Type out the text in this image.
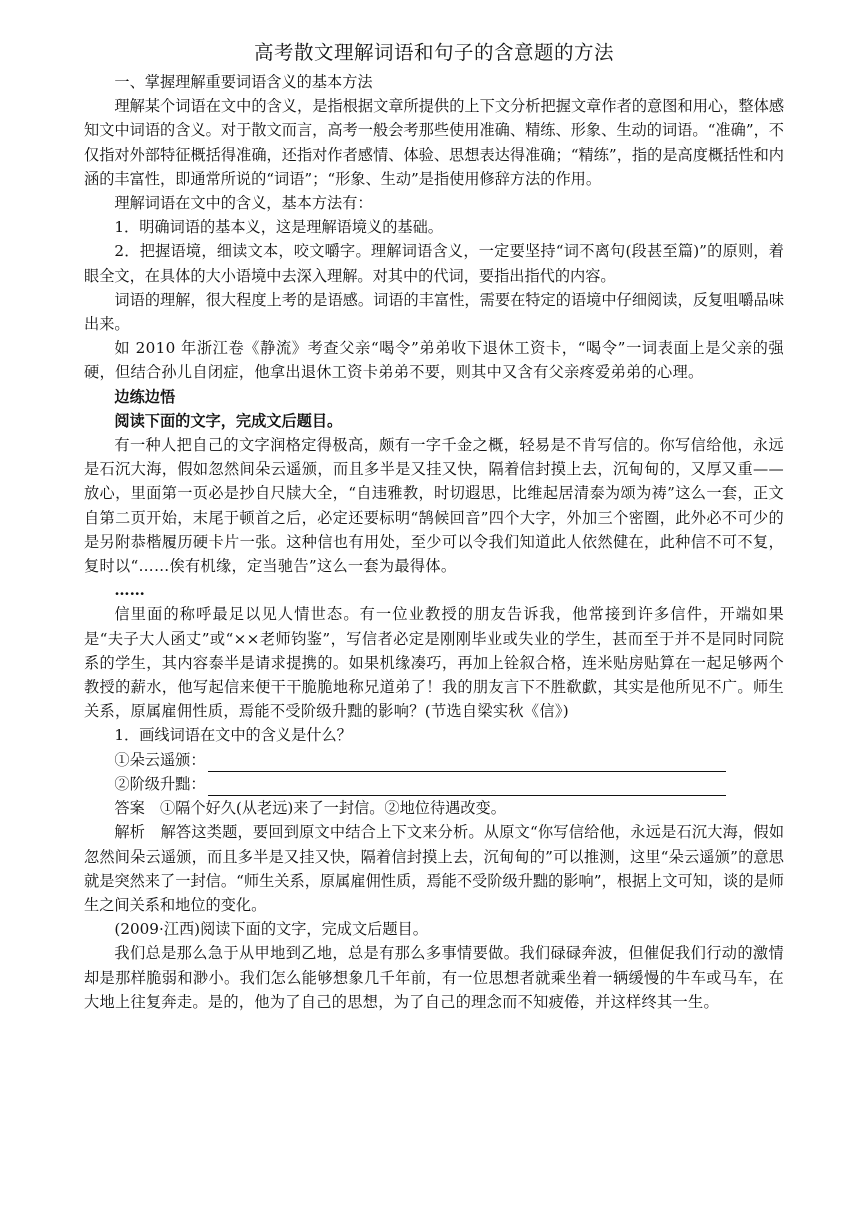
高考散文理解词语和句子的含意题的方法

一、掌握理解重要词语含义的基本方法

理解某个词语在文中的含义，是指根据文章所提供的上下文分析把握文章作者的意图和用心，整体感知文中词语的含义。对于散文而言，高考一般会考那些使用准确、精练、形象、生动的词语。“准确”，不仅指对外部特征概括得准确，还指对作者感情、体验、思想表达得准确；“精练”，指的是高度概括性和内涵的丰富性，即通常所说的“词语”；“形象、生动”是指使用修辞方法的作用。

理解词语在文中的含义，基本方法有：

1．明确词语的基本义，这是理解语境义的基础。

2．把握语境，细读文本，咬文嚼字。理解词语含义，一定要坚持“词不离句(段甚至篇)”的原则，着眼全文，在具体的大小语境中去深入理解。对其中的代词，要指出指代的内容。

词语的理解，很大程度上考的是语感。词语的丰富性，需要在特定的语境中仔细阅读，反复咀嚼品味出来。

如 2010 年浙江卷《静流》考查父亲“喝令”弟弟收下退休工资卡，“喝令”一词表面上是父亲的强硬，但结合孙儿自闭症，他拿出退休工资卡弟弟不要，则其中又含有父亲疼爱弟弟的心理。

边练边悟

阅读下面的文字，完成文后题目。

有一种人把自己的文字润格定得极高，颇有一字千金之概，轻易是不肯写信的。你写信给他，永远是石沉大海，假如忽然间朵云遥颁，而且多半是又挂又快，隔着信封摸上去，沉甸甸的，又厚又重——放心，里面第一页必是抄自尺牍大全，“自违雅教，时切遐思，比维起居清泰为颂为祷”这么一套，正文自第二页开始，末尾于顿首之后，必定还要标明“鹄候回音”四个大字，外加三个密圈，此外必不可少的是另附恭楷履历硬卡片一张。这种信也有用处，至少可以令我们知道此人依然健在，此种信不可不复，复时以“……俟有机缘，定当驰告”这么一套为最得体。

……

信里面的称呼最足以见人情世态。有一位业教授的朋友告诉我，他常接到许多信件，开端如果是“夫子大人函丈”或“××老师钧鉴”，写信者必定是刚刚毕业或失业的学生，甚而至于并不是同时同院系的学生，其内容泰半是请求提携的。如果机缘凑巧，再加上铨叙合格，连米贴房贴算在一起足够两个教授的薪水，他写起信来便干干脆脆地称兄道弟了！我的朋友言下不胜欷歔，其实是他所见不广。师生关系，原属雇佣性质，焉能不受阶级升黜的影响？(节选自梁实秋《信》)

1．画线词语在文中的含义是什么？

①朵云遥颁：
②阶级升黜：

答案  ①隔个好久(从老远)来了一封信。②地位待遇改变。

解析  解答这类题，要回到原文中结合上下文来分析。从原文“你写信给他，永远是石沉大海，假如忽然间朵云遥颁，而且多半是又挂又快，隔着信封摸上去，沉甸甸的”可以推测，这里“朵云遥颁”的意思就是突然来了一封信。“师生关系，原属雇佣性质，焉能不受阶级升黜的影响”，根据上文可知，谈的是师生之间关系和地位的变化。

(2009·江西)阅读下面的文字，完成文后题目。

我们总是那么急于从甲地到乙地，总是有那么多事情要做。我们碌碌奔波，但催促我们行动的激情却是那样脆弱和渺小。我们怎么能够想象几千年前，有一位思想者就乘坐着一辆缓慢的牛车或马车，在大地上往复奔走。是的，他为了自己的思想，为了自己的理念而不知疲倦，并这样终其一生。
